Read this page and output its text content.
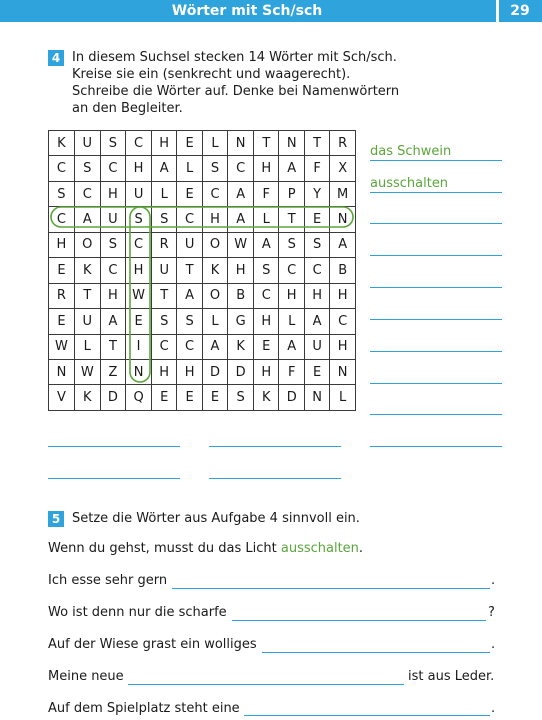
Wörter mit Sch/sch	29
4 In diesem Suchsel stecken 14 Wörter mit Sch/sch.
Kreise sie ein (senkrecht und waagerecht).
Schreibe die Wörter auf. Denke bei Namenwörtern
an den Begleiter.
K	U	S	C	H	E	L	N	T	N	T	R
C	S	C	H	A	L	S	C	H	A	F	X
S	C	H	U	L	E	C	A	F	P	Y	M
C	A	U	S	S	C	H	A	L	T	E	N
H	O	S	C	R	U	O	W	A	S	S	A
E	K	C	H	U	T	K	H	S	C	C	B
R	T	H	W	T	A	O	B	C	H	H	H
E	U	A	E	S	S	L	G	H	L	A	C
W	L	T	I	C	C	A	K	E	A	U	H
N	W	Z	N	H	H	D	D	H	F	E	N
V	K	D	Q	E	E	E	S	K	D	N	L
das Schwein
ausschalten
5 Setze die Wörter aus Aufgabe 4 sinnvoll ein.
Wenn du gehst, musst du das Licht ausschalten.
Ich esse sehr gern	.
Wo ist denn nur die scharfe	?
Auf der Wiese grast ein wolliges	.
Meine neue	ist aus Leder.
Auf dem Spielplatz steht eine	.
